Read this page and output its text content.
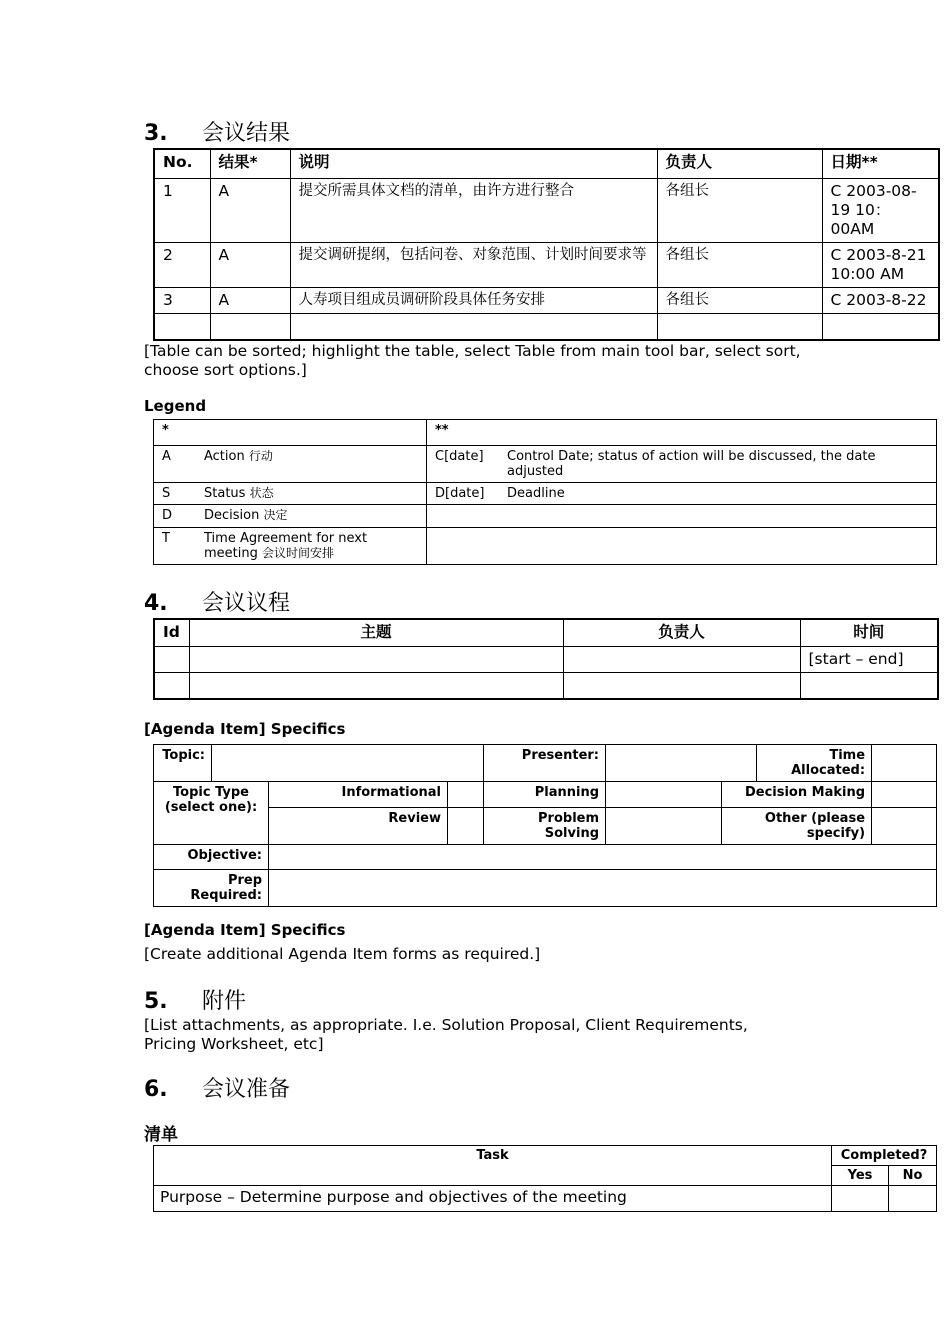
3. 会议结果
No.	结果*	说明	负责人	日期**
1	A	提交所需具体文档的清单，由许方进行整合	各组长	C 2003-08-19 10：00AM
2	A	提交调研提纲，包括问卷、对象范围、计划时间要求等	各组长	C 2003-8-21 10:00 AM
3	A	人寿项目组成员调研阶段具体任务安排	各组长	C 2003-8-22

[Table can be sorted; highlight the table, select Table from main tool bar, select sort, choose sort options.]
Legend
*	**
A Action 行动	C[date] Control Date; status of action will be discussed, the date adjusted
S Status 状态	D[date] Deadline
D Decision 决定	
T Time Agreement for next meeting 会议时间安排	
4. 会议议程
Id	主题	负责人	时间
			[start – end]

[Agenda Item] Specifics
Topic:				Presenter:			Time Allocated:	
Topic Type (select one):		Informational		Planning		Decision Making		
		Review		Problem Solving		Other (please specify)		
Objective:								
Prep Required:								
[Agenda Item] Specifics
[Create additional Agenda Item forms as required.]
5. 附件
[List attachments, as appropriate. I.e. Solution Proposal, Client Requirements, Pricing Worksheet, etc]
6. 会议准备
清单
Task	Completed?	
	Yes	No
Purpose – Determine purpose and objectives of the meeting		
